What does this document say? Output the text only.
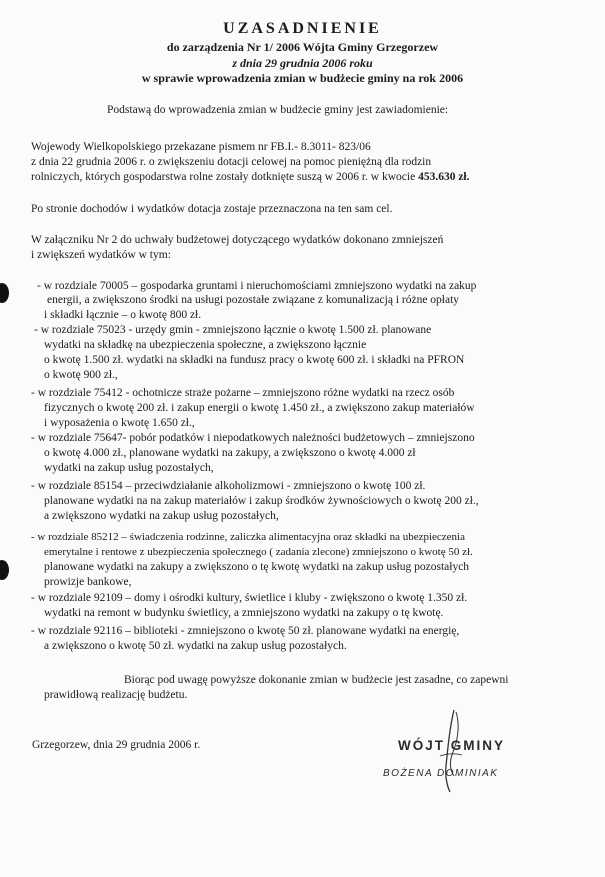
UZASADNIENIE
do zarządzenia Nr 1/ 2006 Wójta Gminy Grzegorzew
z dnia 29 grudnia 2006 roku
w sprawie wprowadzenia zmian w budżecie gminy na rok 2006
Podstawą do wprowadzenia zmian w budżecie gminy jest zawiadomienie:
Wojewody Wielkopolskiego przekazane pismem nr FB.I.- 8.3011- 823/06
z dnia 22 grudnia 2006 r. o zwiększeniu dotacji celowej na pomoc pieniężną dla rodzin
rolniczych, których gospodarstwa rolne zostały dotknięte suszą w 2006 r. w kwocie 453.630 zł.
Po stronie dochodów i wydatków dotacja zostaje przeznaczona na ten sam cel.
W załączniku Nr 2 do uchwały budżetowej dotyczącego wydatków dokonano zmniejszeń
i zwiększeń wydatków w tym:
- w rozdziale 70005 – gospodarka gruntami i nieruchomościami zmniejszono wydatki na zakup
energii, a zwiększono środki na usługi pozostałe związane z komunalizacją i różne opłaty
i składki łącznie – o kwotę 800 zł.
- w rozdziale 75023 - urzędy gmin - zmniejszono łącznie o kwotę 1.500 zł. planowane
wydatki na składkę na ubezpieczenia społeczne, a zwiększono łącznie
o kwotę 1.500 zł. wydatki na składki na fundusz pracy o kwotę 600 zł. i składki na PFRON
o kwotę 900 zł.,
- w rozdziale 75412 - ochotnicze straże pożarne – zmniejszono różne wydatki na rzecz osób
fizycznych o kwotę 200 zł. i zakup energii o kwotę 1.450 zł., a zwiększono zakup materiałów
i wyposażenia o kwotę 1.650 zł.,
- w rozdziale 75647- pobór podatków i niepodatkowych należności budżetowych – zmniejszono
o kwotę 4.000 zł., planowane wydatki na zakupy, a zwiększono o kwotę 4.000 zł
wydatki na zakup usług pozostałych,
- w rozdziale 85154 – przeciwdziałanie alkoholizmowi - zmniejszono o kwotę 100 zł.
planowane wydatki na na zakup materiałów i zakup środków żywnościowych o kwotę 200 zł.,
a zwiększono wydatki na zakup usług pozostałych,
- w rozdziale 85212 – świadczenia rodzinne, zaliczka alimentacyjna oraz składki na ubezpieczenia
emerytalne i rentowe z ubezpieczenia społecznego ( zadania zlecone) zmniejszono o kwotę 50 zł.
planowane wydatki na zakupy a zwiększono o tę kwotę wydatki na zakup usług pozostałych
prowizje bankowe,
- w rozdziale 92109 – domy i ośrodki kultury, świetlice i kluby - zwiększono o kwotę 1.350 zł.
wydatki na remont w budynku świetlicy, a zmniejszono wydatki na zakupy o tę kwotę.
- w rozdziale 92116 – biblioteki - zmniejszono o kwotę 50 zł. planowane wydatki na energię,
a zwiększono o kwotę 50 zł. wydatki na zakup usług pozostałych.
Biorąc pod uwagę powyższe dokonanie zmian w budżecie jest zasadne, co zapewni
prawidłową realizację budżetu.
Grzegorzew, dnia 29 grudnia 2006 r.	WÓJT GMINY
BOŻENA DOMINIAK
